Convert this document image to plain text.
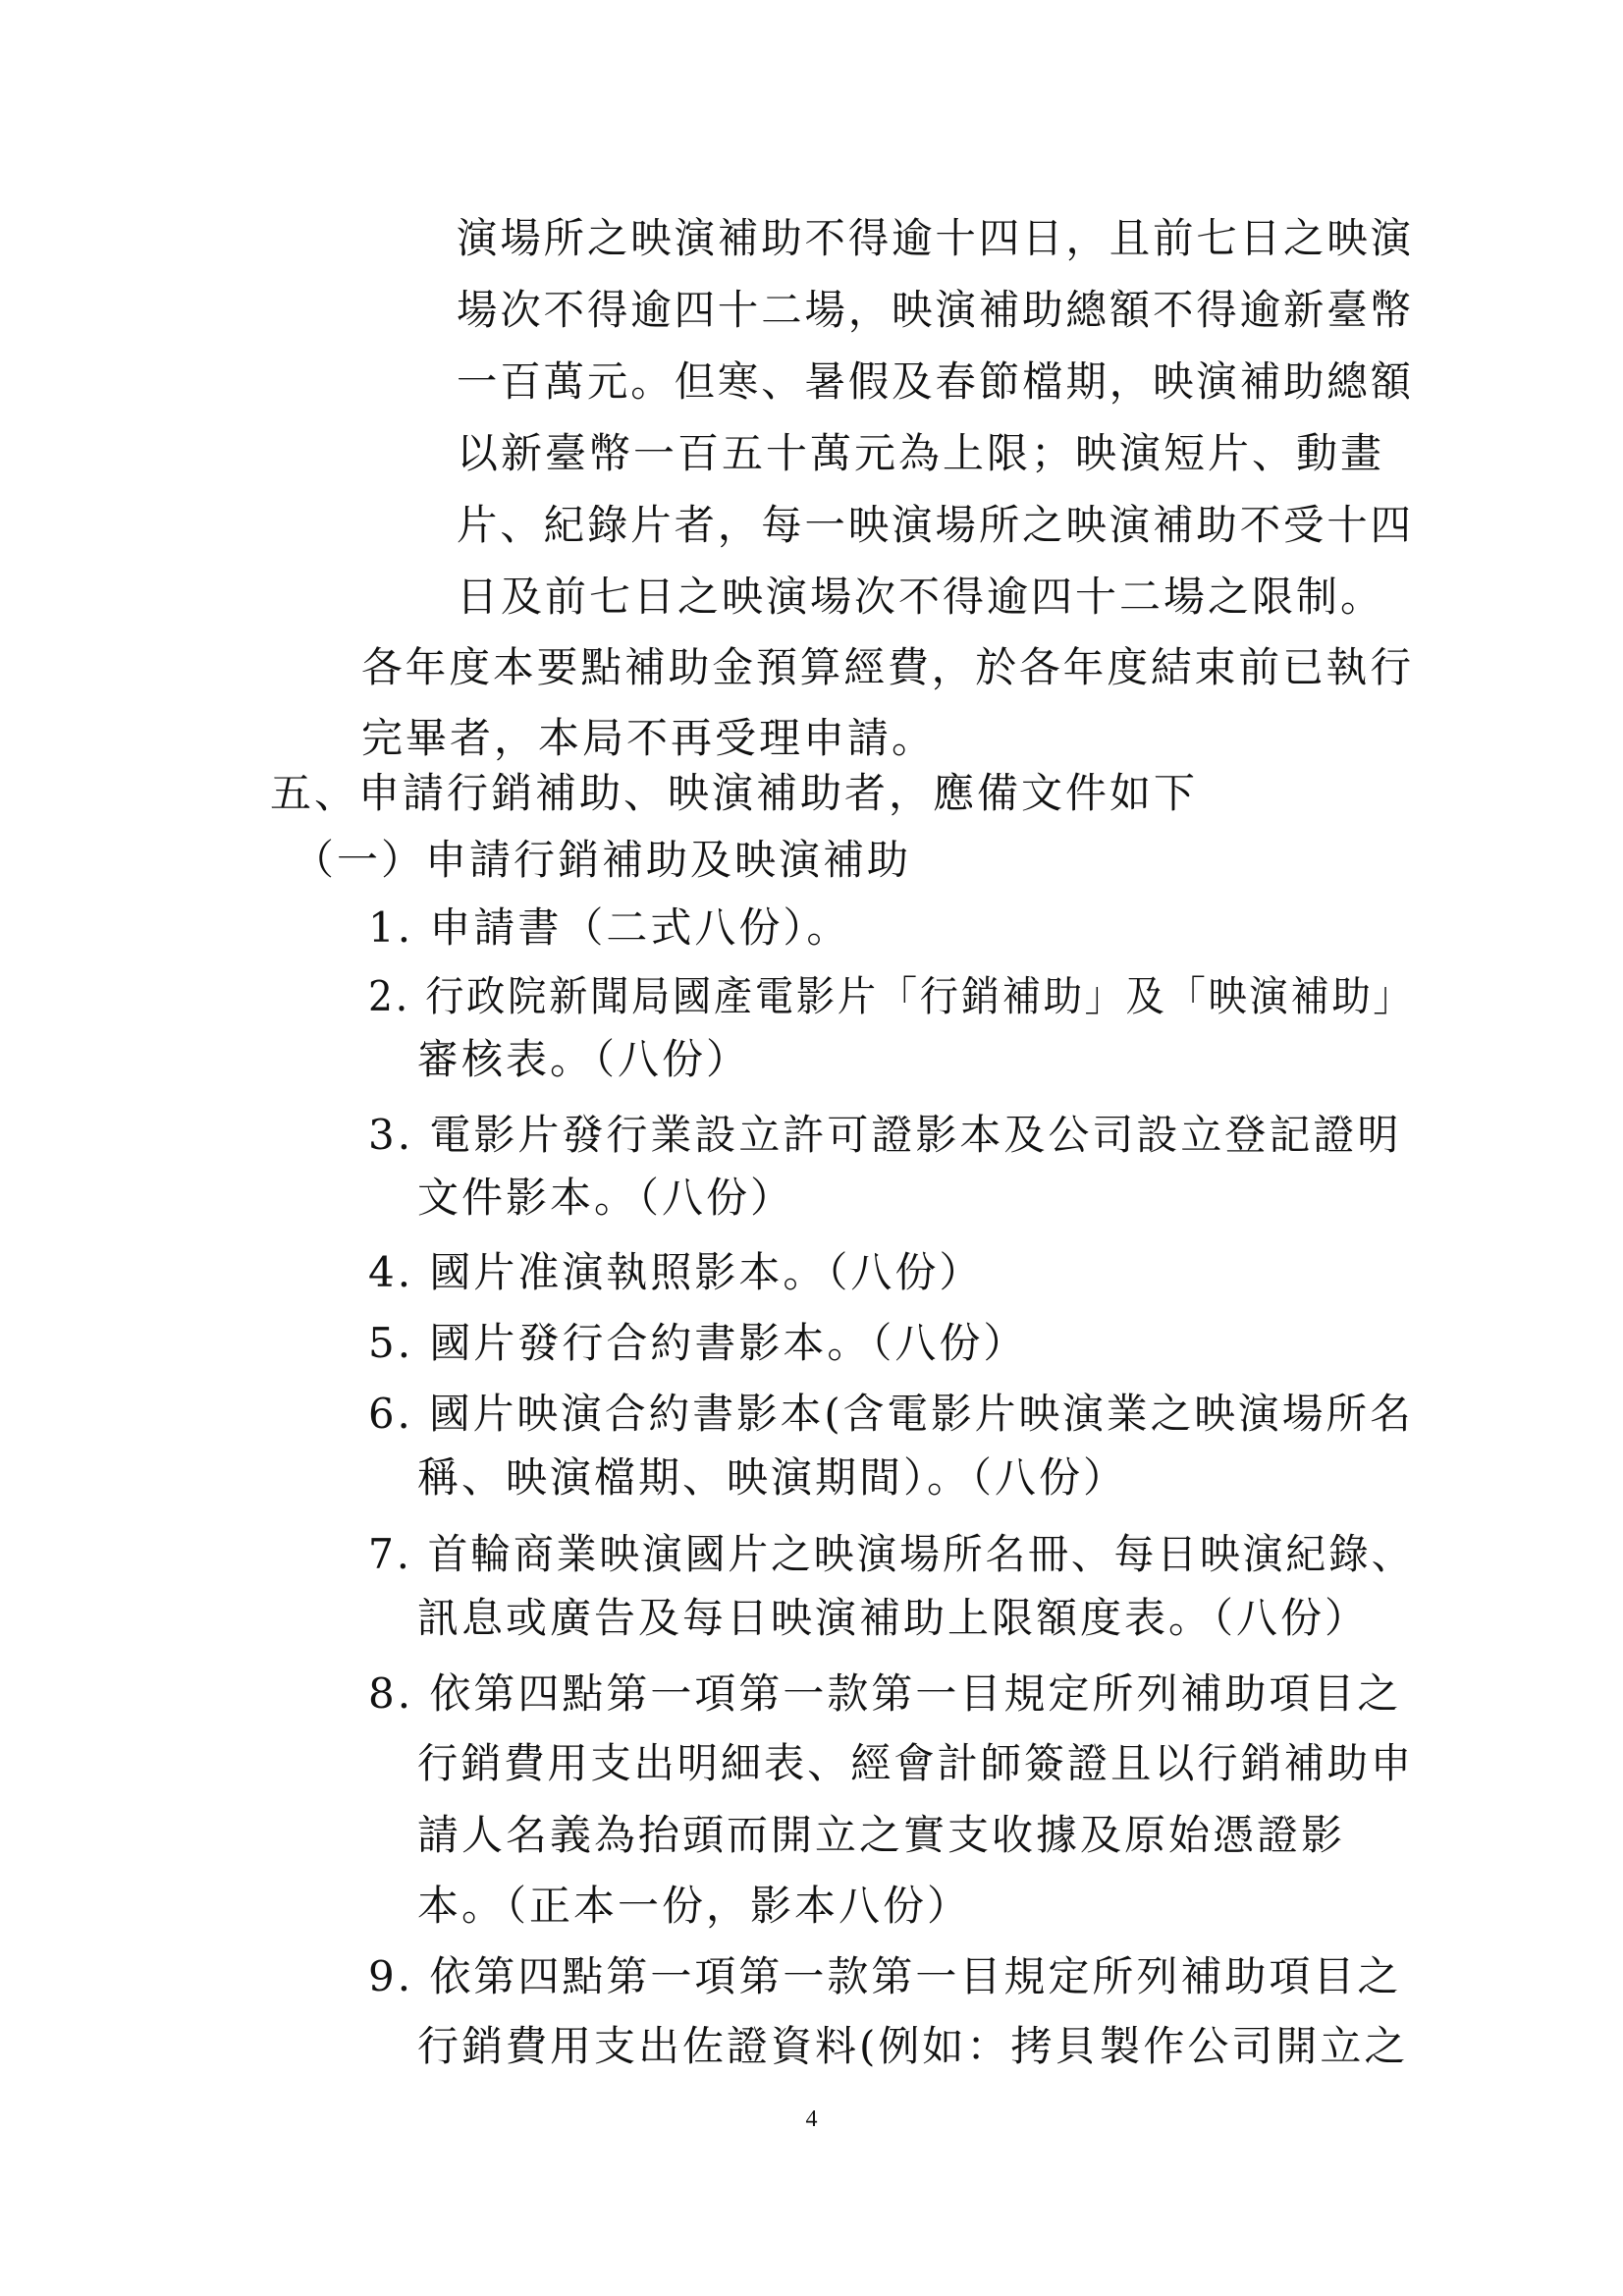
演場所之映演補助不得逾十四日，且前七日之映演
場次不得逾四十二場，映演補助總額不得逾新臺幣
一百萬元。但寒、暑假及春節檔期，映演補助總額
以新臺幣一百五十萬元為上限；映演短片、動畫
片、紀錄片者，每一映演場所之映演補助不受十四
日及前七日之映演場次不得逾四十二場之限制。
各年度本要點補助金預算經費，於各年度結束前已執行
完畢者，本局不再受理申請。
五、申請行銷補助、映演補助者，應備文件如下
（一）申請行銷補助及映演補助
1. 申請書（二式八份）。
2. 行政院新聞局國產電影片「行銷補助」及「映演補助」
審核表。（八份）
3. 電影片發行業設立許可證影本及公司設立登記證明
文件影本。（八份）
4. 國片准演執照影本。（八份）
5. 國片發行合約書影本。（八份）
6. 國片映演合約書影本(含電影片映演業之映演場所名
稱、映演檔期、映演期間）。（八份）
7. 首輪商業映演國片之映演場所名冊、每日映演紀錄、
訊息或廣告及每日映演補助上限額度表。（八份）
8. 依第四點第一項第一款第一目規定所列補助項目之
行銷費用支出明細表、經會計師簽證且以行銷補助申
請人名義為抬頭而開立之實支收據及原始憑證影
本。（正本一份，影本八份）
9. 依第四點第一項第一款第一目規定所列補助項目之
行銷費用支出佐證資料(例如：拷貝製作公司開立之
4
